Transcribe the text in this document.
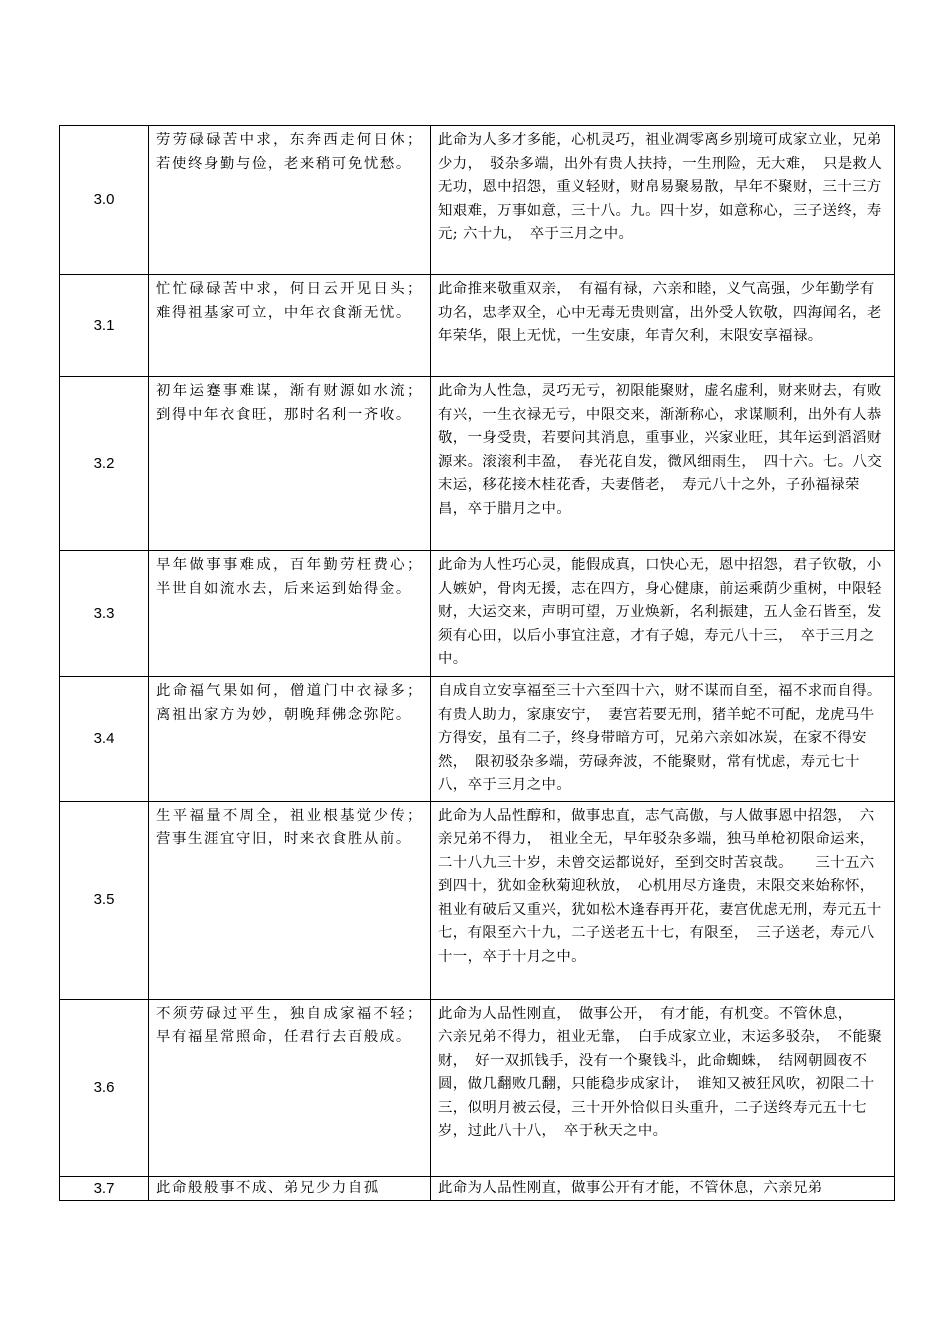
3.0	劳劳碌碌苦中求，东奔西走何日休；若使终身勤与俭，老来稍可免忧愁。	此命为人多才多能，心机灵巧，祖业凋零离乡别境可成家立业，兄弟少力，　驳杂多端，出外有贵人扶持，一生刑险，无大难，　只是救人无功，恩中招怨，重义轻财，财帛易聚易散，早年不聚财，三十三方知艰难，万事如意，三十八。九。四十岁，如意称心，三子送终，寿元; 六十九，　卒于三月之中。
3.1	忙忙碌碌苦中求，何日云开见日头；难得祖基家可立，中年衣食渐无忧。	此命推来敬重双亲，　有福有禄，六亲和睦，义气高强，少年勤学有功名，忠孝双全，心中无毒无贵则富，出外受人钦敬，四海闻名，老年荣华，限上无忧，一生安康，年青欠利，末限安享福禄。
3.2	初年运蹇事难谋，渐有财源如水流；到得中年衣食旺，那时名利一齐收。	此命为人性急，灵巧无亏，初限能聚财，虚名虚利，财来财去，有败有兴，一生衣禄无亏，中限交来，渐渐称心，求谋顺利，出外有人恭敬，一身受贵，若要问其消息，重事业，兴家业旺，其年运到滔滔财源来。滚滚利丰盈，　春光花自发，微风细雨生，　四十六。七。八交末运，移花接木桂花香，夫妻偕老，　寿元八十之外，子孙福禄荣昌，卒于腊月之中。
3.3	早年做事事难成，百年勤劳枉费心；半世自如流水去，后来运到始得金。	此命为人性巧心灵，能假成真，口快心无，恩中招怨，君子钦敬，小人嫉妒，骨肉无援，志在四方，身心健康，前运乘荫少重树，中限轻财，大运交来，声明可望，万业焕新，名利振建，五人金石皆至，发须有心田，以后小事宜注意，才有子媳，寿元八十三，　卒于三月之中。
3.4	此命福气果如何，僧道门中衣禄多；离祖出家方为妙，朝晚拜佛念弥陀。	自成自立安享福至三十六至四十六，财不谋而自至，福不求而自得。有贵人助力，家康安宁，　妻宫若要无刑，猪羊蛇不可配，龙虎马牛方得安，虽有二子，终身带暗方可，兄弟六亲如冰炭，在家不得安然，　限初驳杂多端，劳碌奔波，不能聚财，常有忧虑，寿元七十八，卒于三月之中。
3.5	生平福量不周全，祖业根基觉少传；营事生涯宜守旧，时来衣食胜从前。	此命为人品性醇和，做事忠直，志气高傲，与人做事恩中招怨，　六亲兄弟不得力，　祖业全无，早年驳杂多端，独马单枪初限命运来，二十八九三十岁，未曾交运都说好，至到交时苦哀哉。　　三十五六到四十，犹如金秋菊迎秋放，　心机用尽方逢贵，末限交来始称怀，祖业有破后又重兴，犹如松木逢春再开花，妻宫优虑无刑，寿元五十七，有限至六十九，二子送老五十七，有限至，　三子送老，寿元八十一，卒于十月之中。
3.6	不须劳碌过平生，独自成家福不轻；早有福星常照命，任君行去百般成。	此命为人品性刚直，　做事公开，　有才能，有机变。不管休息，　　六亲兄弟不得力，祖业无靠，　白手成家立业，末运多驳杂，　不能聚财，　好一双抓钱手，没有一个聚钱斗，此命蜘蛛，　结网朝圆夜不圆，做几翻败几翻，只能稳步成家计，　谁知又被狂风吹，初限二十三，似明月被云侵，三十开外恰似日头重升，二子送终寿元五十七岁，过此八十八，　卒于秋天之中。
3.7	此命般般事不成、弟兄少力自孤	此命为人品性刚直，做事公开有才能，不管休息，六亲兄弟
